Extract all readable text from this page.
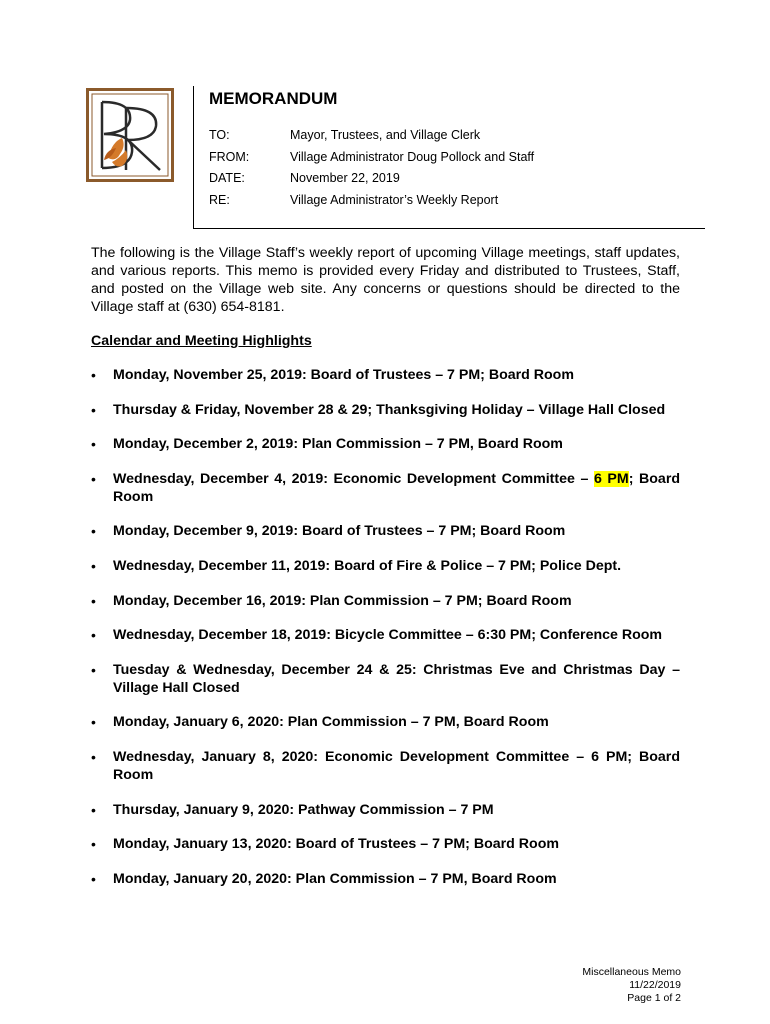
MEMORANDUM
TO:	Mayor, Trustees, and Village Clerk
FROM:	Village Administrator Doug Pollock and Staff
DATE:	November 22, 2019
RE:	Village Administrator’s Weekly Report

The following is the Village Staff’s weekly report of upcoming Village meetings, staff updates, and various reports. This memo is provided every Friday and distributed to Trustees, Staff, and posted on the Village web site. Any concerns or questions should be directed to the Village staff at (630) 654-8181.

Calendar and Meeting Highlights
• Monday, November 25, 2019: Board of Trustees – 7 PM; Board Room
• Thursday & Friday, November 28 & 29; Thanksgiving Holiday – Village Hall Closed
• Monday, December 2, 2019: Plan Commission – 7 PM, Board Room
• Wednesday, December 4, 2019: Economic Development Committee – 6 PM; Board Room
• Monday, December 9, 2019: Board of Trustees – 7 PM; Board Room
• Wednesday, December 11, 2019: Board of Fire & Police – 7 PM; Police Dept.
• Monday, December 16, 2019: Plan Commission – 7 PM; Board Room
• Wednesday, December 18, 2019: Bicycle Committee – 6:30 PM; Conference Room
• Tuesday & Wednesday, December 24 & 25: Christmas Eve and Christmas Day – Village Hall Closed
• Monday, January 6, 2020: Plan Commission – 7 PM, Board Room
• Wednesday, January 8, 2020: Economic Development Committee – 6 PM; Board Room
• Thursday, January 9, 2020: Pathway Commission – 7 PM
• Monday, January 13, 2020: Board of Trustees – 7 PM; Board Room
• Monday, January 20, 2020: Plan Commission – 7 PM, Board Room
Miscellaneous Memo
11/22/2019
Page 1 of 2
